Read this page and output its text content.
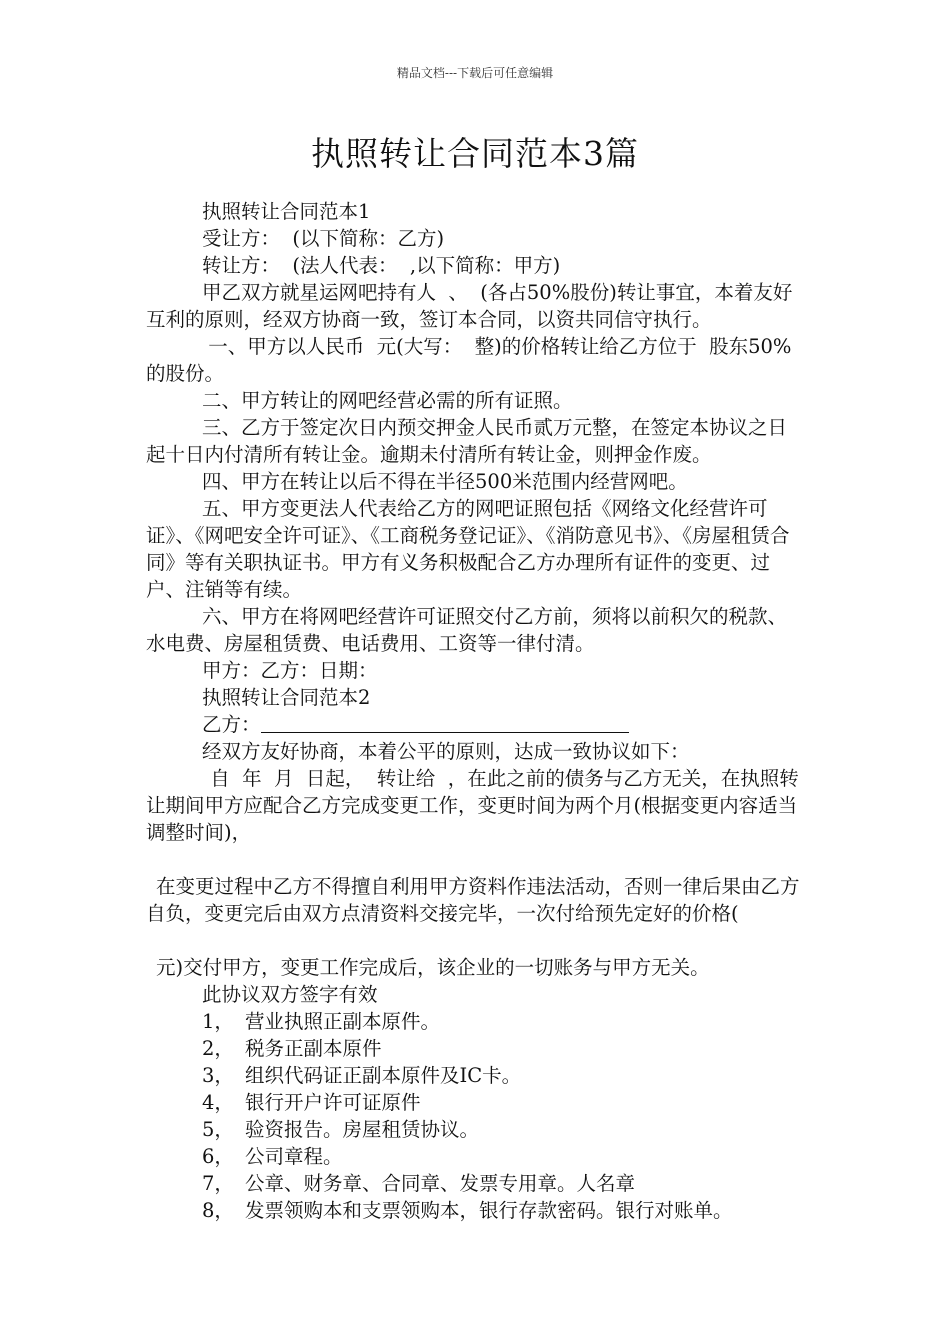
精品文档---下载后可任意编辑
执照转让合同范本3篇

执照转让合同范本1

受让方：  (以下简称：乙方)

转让方：  (法人代表：  ,以下简称：甲方)

甲乙双方就星运网吧持有人  、  (各占50%股份)转让事宜，本着友好互利的原则，经双方协商一致，签订本合同，以资共同信守执行。

一、甲方以人民币  元(大写：  整)的价格转让给乙方位于  股东50%的股份。

二、甲方转让的网吧经营必需的所有证照。

三、乙方于签定次日内预交押金人民币贰万元整，在签定本协议之日起十日内付清所有转让金。逾期未付清所有转让金，则押金作废。

四、甲方在转让以后不得在半径500米范围内经营网吧。

五、甲方变更法人代表给乙方的网吧证照包括《网络文化经营许可证》、《网吧安全许可证》、《工商税务登记证》、《消防意见书》、《房屋租赁合同》等有关职执证书。甲方有义务积极配合乙方办理所有证件的变更、过户、注销等有续。

六、甲方在将网吧经营许可证照交付乙方前，须将以前积欠的税款、水电费、房屋租赁费、电话费用、工资等一律付清。

甲方：乙方：日期：

执照转让合同范本2

乙方：

经双方友好协商，本着公平的原则，达成一致协议如下：

自  年  月  日起，  转让给  ，在此之前的债务与乙方无关，在执照转让期间甲方应配合乙方完成变更工作，变更时间为两个月(根据变更内容适当调整时间)，

在变更过程中乙方不得擅自利用甲方资料作违法活动，否则一律后果由乙方自负，变更完后由双方点清资料交接完毕，一次付给预先定好的价格(

元)交付甲方，变更工作完成后，该企业的一切账务与甲方无关。

此协议双方签字有效

1， 营业执照正副本原件。
2， 税务正副本原件
3， 组织代码证正副本原件及IC卡。
4， 银行开户许可证原件
5， 验资报告。房屋租赁协议。
6， 公司章程。
7， 公章、财务章、合同章、发票专用章。人名章
8， 发票领购本和支票领购本，银行存款密码。银行对账单。
